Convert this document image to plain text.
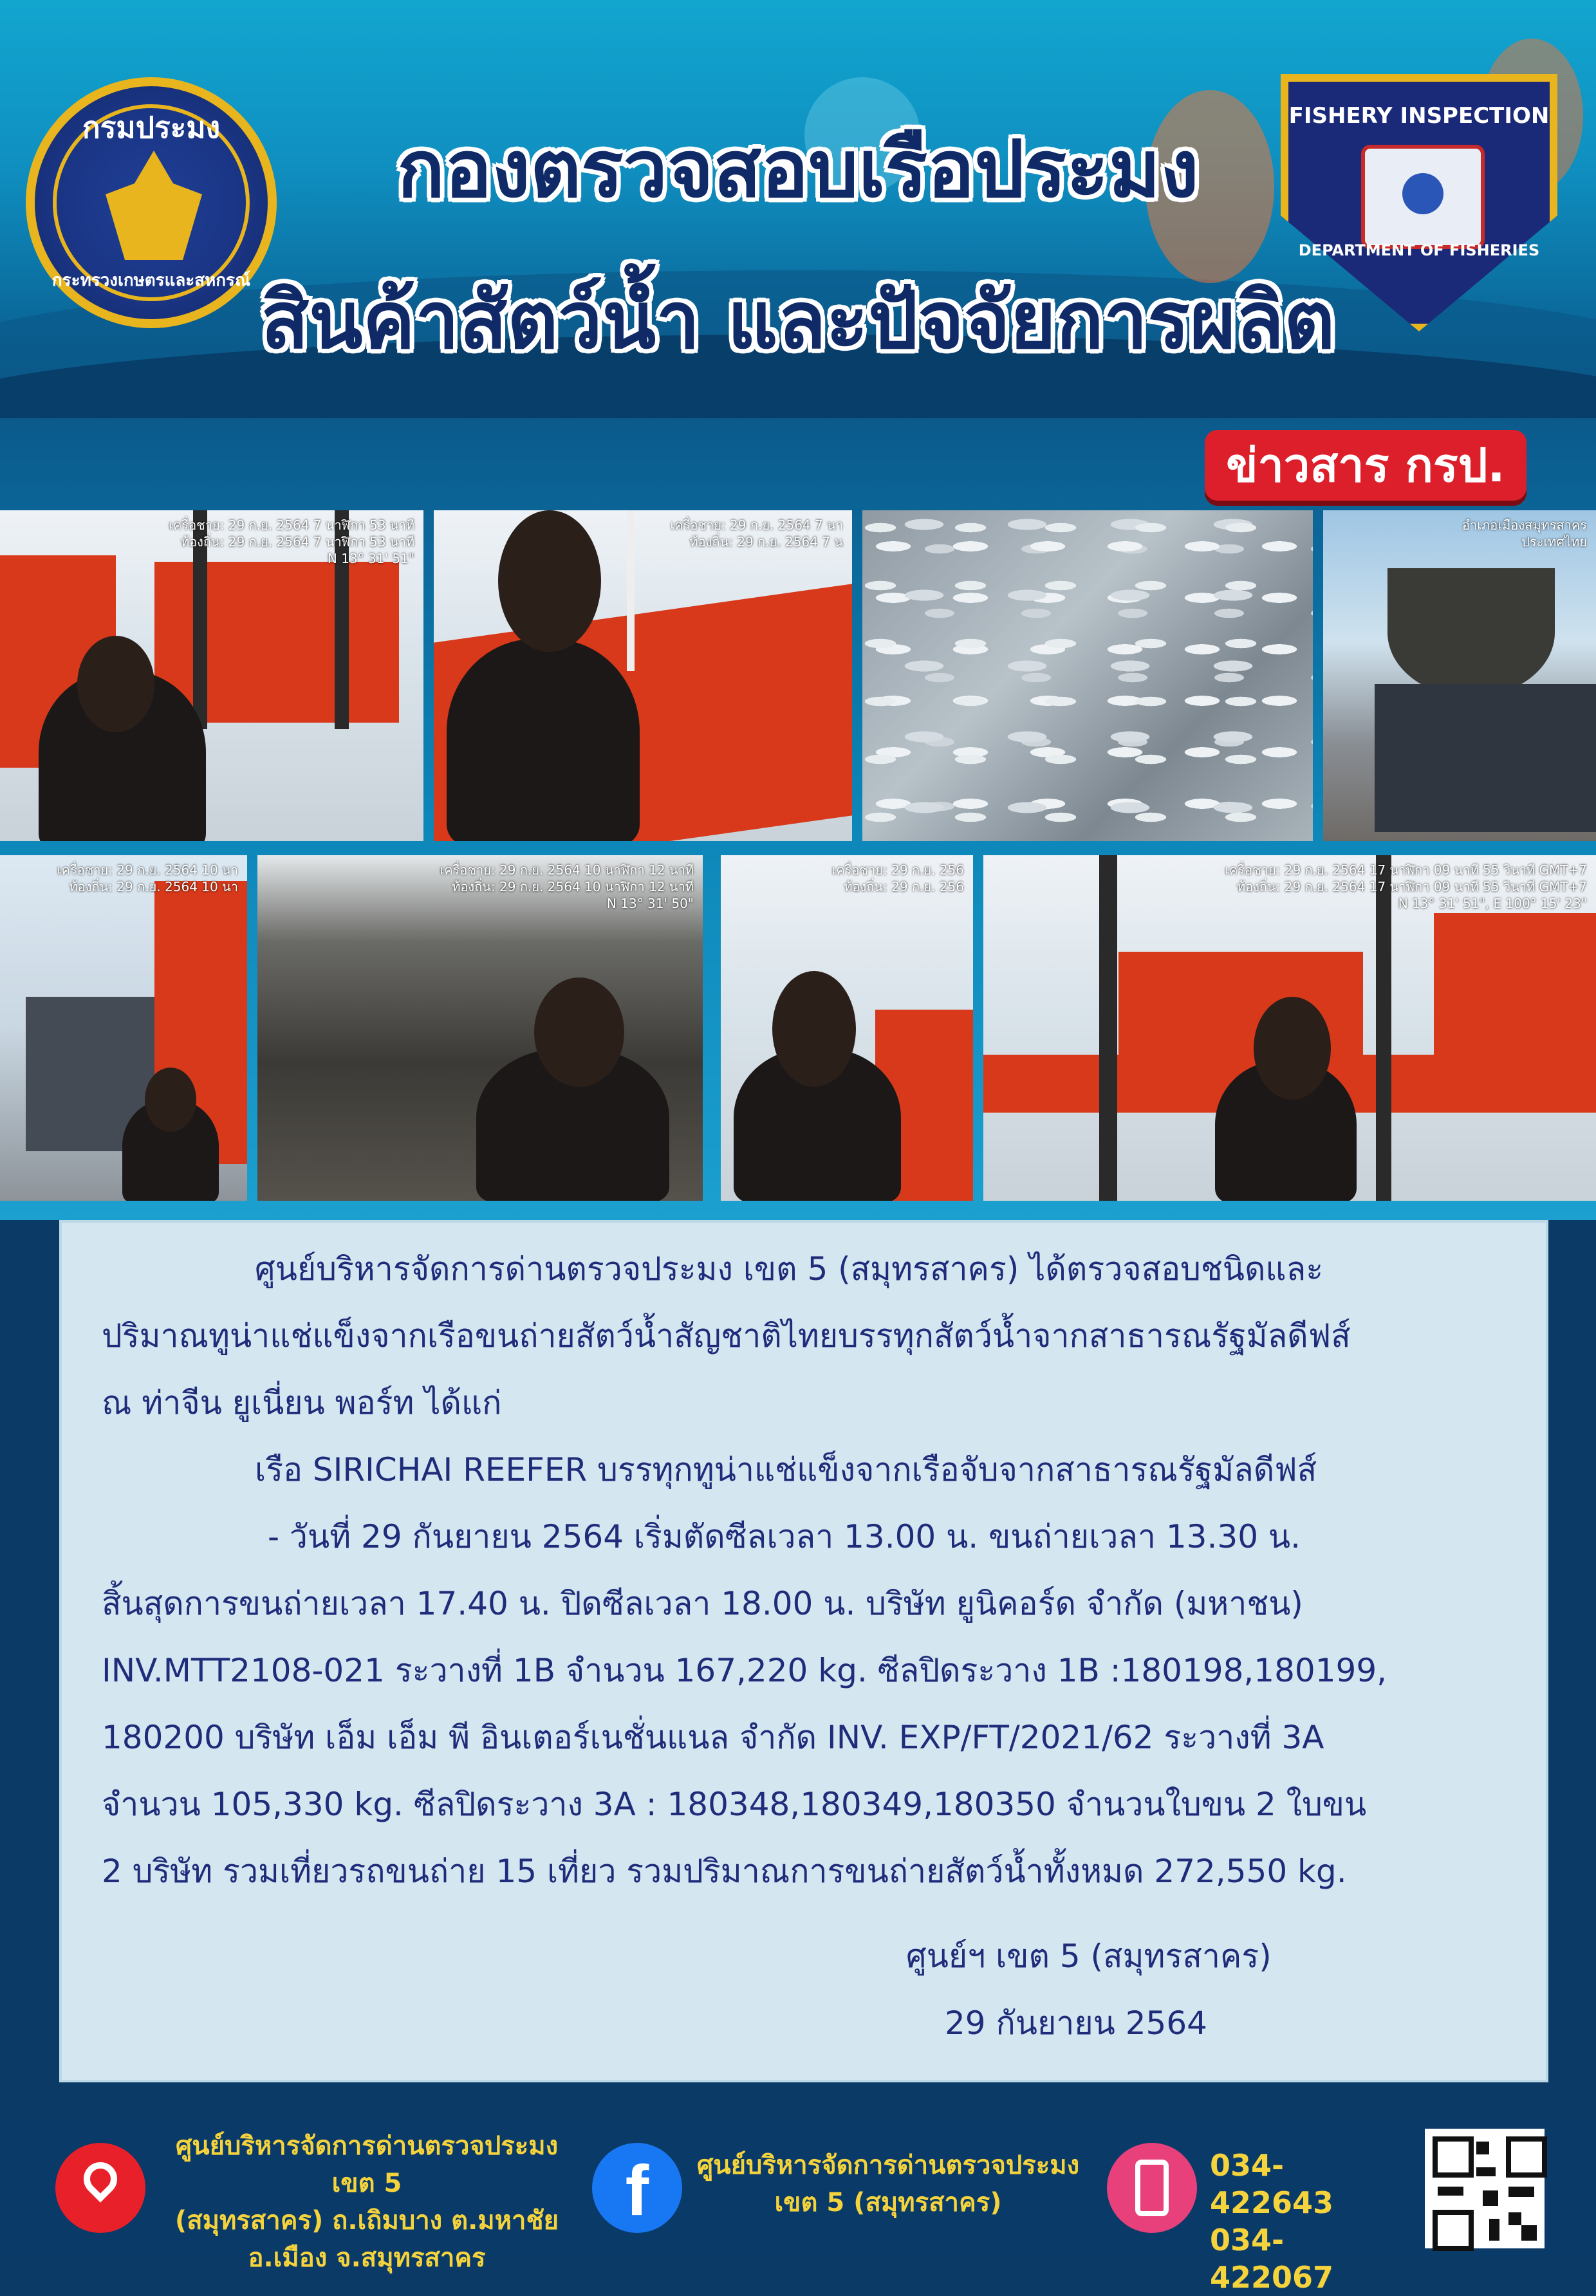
กองตรวจสอบเรือประมง
สินค้าสัตว์น้ำ และปัจจัยการผลิต
กรมประมง
กระทรวงเกษตรและสหกรณ์
FISHERY INSPECTION
DEPARTMENT OF FISHERIES
ข่าวสาร กรป.
เครื่อชาย: 29 ก.ย. 2564 7 นาฬิกา 53 นาที
ท้องถิ่น: 29 ก.ย. 2564 7 นาฬิกา 53 นาที
N 13° 31' 51"
เครื่อชาย: 29 ก.ย. 2564 7 นา
ท้องถิ่น: 29 ก.ย. 2564 7 น
อำเภอเมืองสมุทรสาคร
ประเทศไทย
เครื่อชาย: 29 ก.ย. 2564 10 นา
ท้องถิ่น: 29 ก.ย. 2564 10 นา
เครื่อชาย: 29 ก.ย. 2564 10 นาฬิกา 12 นาที
ท้องถิ่น: 29 ก.ย. 2564 10 นาฬิกา 12 นาที
N 13° 31' 50"
เครื่อชาย: 29 ก.ย. 256
ท้องถิ่น: 29 ก.ย. 256
เครื่อชาย: 29 ก.ย. 2564 17 นาฬิกา 09 นาที 55 วินาที GMT+7
ท้องถิ่น: 29 ก.ย. 2564 17 นาฬิกา 09 นาที 55 วินาที GMT+7
N 13° 31' 51", E 100° 15' 23"
ศูนย์บริหารจัดการด่านตรวจประมง เขต 5 (สมุทรสาคร) ได้ตรวจสอบชนิดและ
ปริมาณทูน่าแช่แข็งจากเรือขนถ่ายสัตว์น้ำสัญชาติไทยบรรทุกสัตว์น้ำจากสาธารณรัฐมัลดีฟส์
ณ ท่าจีน ยูเนี่ยน พอร์ท ได้แก่
เรือ SIRICHAI REEFER บรรทุกทูน่าแช่แข็งจากเรือจับจากสาธารณรัฐมัลดีฟส์
- วันที่ 29 กันยายน 2564 เริ่มตัดซีลเวลา 13.00 น. ขนถ่ายเวลา 13.30 น.
สิ้นสุดการขนถ่ายเวลา 17.40 น. ปิดซีลเวลา 18.00 น. บริษัท ยูนิคอร์ด จำกัด (มหาชน)
INV.MTT2108-021 ระวางที่ 1B จำนวน 167,220 kg. ซีลปิดระวาง 1B :180198,180199,
180200 บริษัท เอ็ม เอ็ม พี อินเตอร์เนชั่นแนล จำกัด INV. EXP/FT/2021/62 ระวางที่ 3A
จำนวน 105,330 kg. ซีลปิดระวาง 3A : 180348,180349,180350 จำนวนใบขน 2 ใบขน
2 บริษัท รวมเที่ยวรถขนถ่าย 15 เที่ยว รวมปริมาณการขนถ่ายสัตว์น้ำทั้งหมด 272,550 kg.
ศูนย์ฯ เขต 5 (สมุทรสาคร)
29 กันยายน 2564
ศูนย์บริหารจัดการด่านตรวจประมง เขต 5
(สมุทรสาคร) ถ.เถิมบาง ต.มหาชัย
อ.เมือง จ.สมุทรสาคร
f	ศูนย์บริหารจัดการด่านตรวจประมง
เขต 5 (สมุทรสาคร)
034-422643
034-422067
